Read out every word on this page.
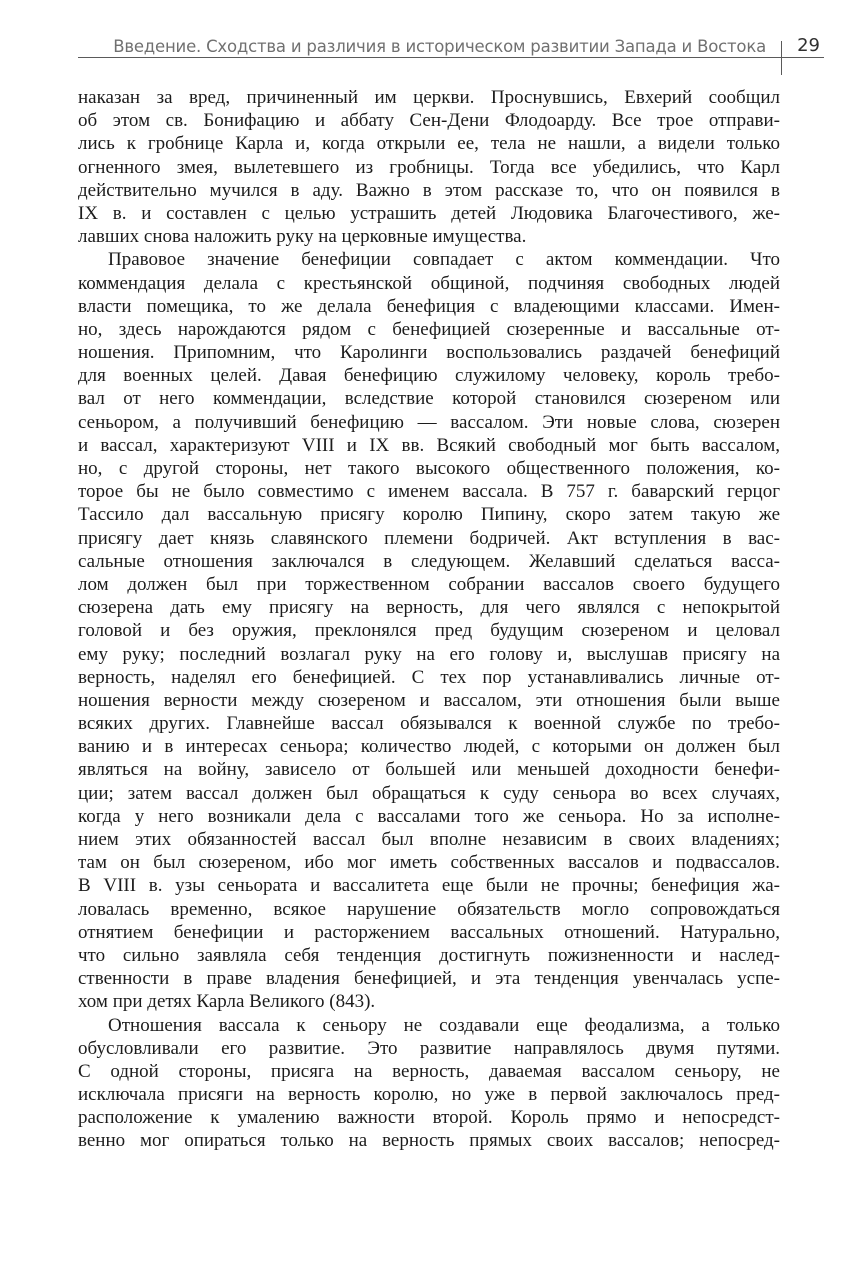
Введение. Сходства и различия в историческом развитии Запада и Востока 29
наказан за вред, причиненный им церкви. Проснувшись, Евхерий сообщил
об этом св. Бонифацию и аббату Сен-Дени Флодоарду. Все трое отправи-
лись к гробнице Карла и, когда открыли ее, тела не нашли, а видели только
огненного змея, вылетевшего из гробницы. Тогда все убедились, что Карл
действительно мучился в аду. Важно в этом рассказе то, что он появился в
IX в. и составлен с целью устрашить детей Людовика Благочестивого, же-
лавших снова наложить руку на церковные имущества.
Правовое значение бенефиции совпадает с актом коммендации. Что
коммендация делала с крестьянской общиной, подчиняя свободных людей
власти помещика, то же делала бенефиция с владеющими классами. Имен-
но, здесь нарождаются рядом с бенефицией сюзеренные и вассальные от-
ношения. Припомним, что Каролинги воспользовались раздачей бенефиций
для военных целей. Давая бенефицию служилому человеку, король требо-
вал от него коммендации, вследствие которой становился сюзереном или
сеньором, а получивший бенефицию — вассалом. Эти новые слова, сюзерен
и вассал, характеризуют VIII и IX вв. Всякий свободный мог быть вассалом,
но, с другой стороны, нет такого высокого общественного положения, ко-
торое бы не было совместимо с именем вассала. В 757 г. баварский герцог
Тассило дал вассальную присягу королю Пипину, скоро затем такую же
присягу дает князь славянского племени бодричей. Акт вступления в вас-
сальные отношения заключался в следующем. Желавший сделаться васса-
лом должен был при торжественном собрании вассалов своего будущего
сюзерена дать ему присягу на верность, для чего являлся с непокрытой
головой и без оружия, преклонялся пред будущим сюзереном и целовал
ему руку; последний возлагал руку на его голову и, выслушав присягу на
верность, наделял его бенефицией. С тех пор устанавливались личные от-
ношения верности между сюзереном и вассалом, эти отношения были выше
всяких других. Главнейше вассал обязывался к военной службе по требо-
ванию и в интересах сеньора; количество людей, с которыми он должен был
являться на войну, зависело от большей или меньшей доходности бенефи-
ции; затем вассал должен был обращаться к суду сеньора во всех случаях,
когда у него возникали дела с вассалами того же сеньора. Но за исполне-
нием этих обязанностей вассал был вполне независим в своих владениях;
там он был сюзереном, ибо мог иметь собственных вассалов и подвассалов.
В VIII в. узы сеньората и вассалитета еще были не прочны; бенефиция жа-
ловалась временно, всякое нарушение обязательств могло сопровождаться
отнятием бенефиции и расторжением вассальных отношений. Натурально,
что сильно заявляла себя тенденция достигнуть пожизненности и наслед-
ственности в праве владения бенефицией, и эта тенденция увенчалась успе-
хом при детях Карла Великого (843).
Отношения вассала к сеньору не создавали еще феодализма, а только
обусловливали его развитие. Это развитие направлялось двумя путями.
С одной стороны, присяга на верность, даваемая вассалом сеньору, не
исключала присяги на верность королю, но уже в первой заключалось пред-
расположение к умалению важности второй. Король прямо и непосредст-
венно мог опираться только на верность прямых своих вассалов; непосред-
